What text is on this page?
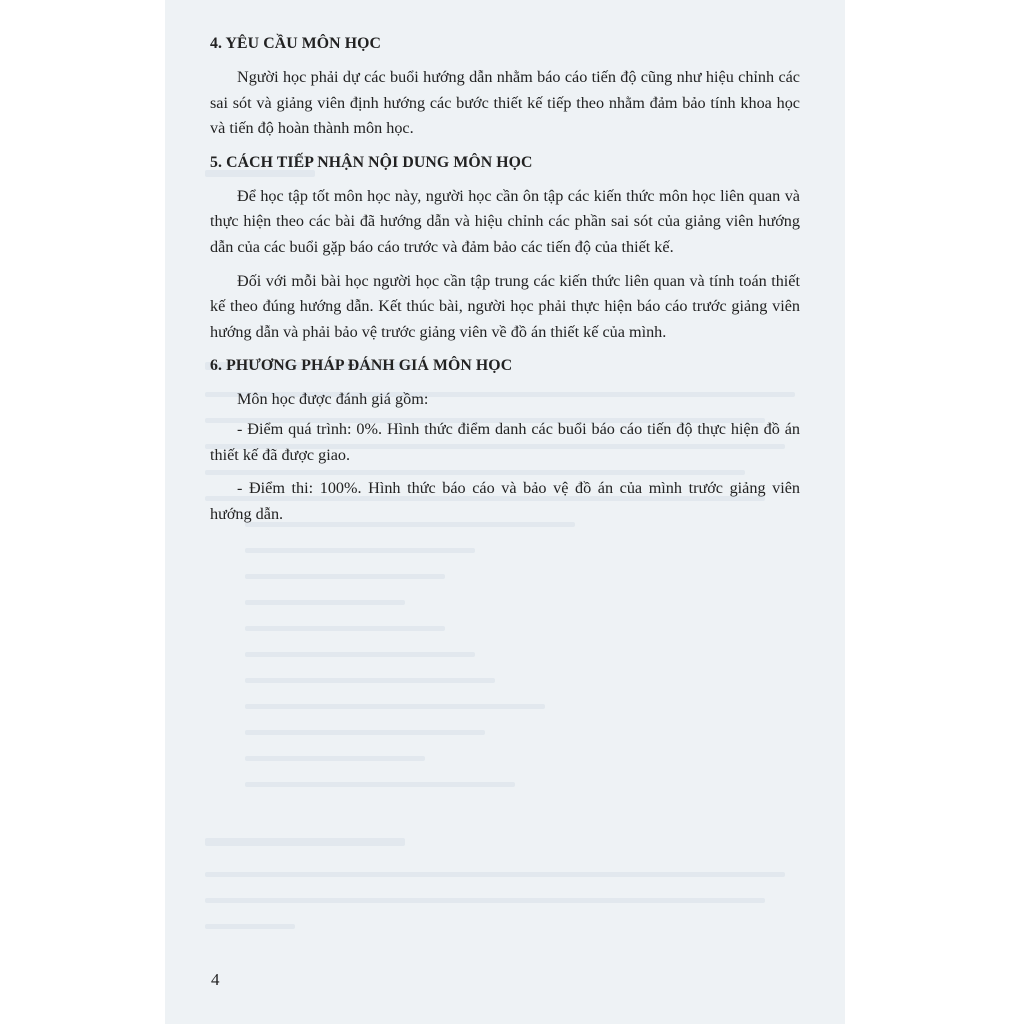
4. YÊU CẦU MÔN HỌC

Người học phải dự các buổi hướng dẫn nhằm báo cáo tiến độ cũng như hiệu chỉnh các sai sót và giảng viên định hướng các bước thiết kế tiếp theo nhằm đảm bảo tính khoa học và tiến độ hoàn thành môn học.

5. CÁCH TIẾP NHẬN NỘI DUNG MÔN HỌC

Để học tập tốt môn học này, người học cần ôn tập các kiến thức môn học liên quan và thực hiện theo các bài đã hướng dẫn và hiệu chỉnh các phần sai sót của giảng viên hướng dẫn của các buổi gặp báo cáo trước và đảm bảo các tiến độ của thiết kế.

Đối với mỗi bài học người học cần tập trung các kiến thức liên quan và tính toán thiết kế theo đúng hướng dẫn. Kết thúc bài, người học phải thực hiện báo cáo trước giảng viên hướng dẫn và phải bảo vệ trước giảng viên về đồ án thiết kế của mình.

6. PHƯƠNG PHÁP ĐÁNH GIÁ MÔN HỌC

Môn học được đánh giá gồm:

- Điểm quá trình: 0%. Hình thức điểm danh các buổi báo cáo tiến độ thực hiện đồ án thiết kế đã được giao.

- Điểm thi: 100%. Hình thức báo cáo và bảo vệ đồ án của mình trước giảng viên hướng dẫn.

4
